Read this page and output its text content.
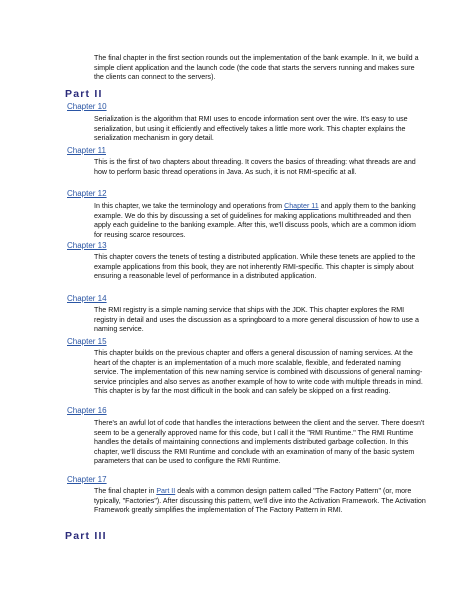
The final chapter in the first section rounds out the implementation of the bank example. In it, we build a simple client application and the launch code (the code that starts the servers running and makes sure the clients can connect to the servers).

Part II
Chapter 10

Serialization is the algorithm that RMI uses to encode information sent over the wire. It's easy to use serialization, but using it efficiently and effectively takes a little more work. This chapter explains the serialization mechanism in gory detail.

Chapter 11

This is the first of two chapters about threading. It covers the basics of threading: what threads are and how to perform basic thread operations in Java. As such, it is not RMI-specific at all.

Chapter 12

In this chapter, we take the terminology and operations from Chapter 11 and apply them to the banking example. We do this by discussing a set of guidelines for making applications multithreaded and then apply each guideline to the banking example. After this, we'll discuss pools, which are a common idiom for reusing scarce resources.

Chapter 13

This chapter covers the tenets of testing a distributed application. While these tenets are applied to the example applications from this book, they are not inherently RMI-specific. This chapter is simply about ensuring a reasonable level of performance in a distributed application.

Chapter 14

The RMI registry is a simple naming service that ships with the JDK. This chapter explores the RMI registry in detail and uses the discussion as a springboard to a more general discussion of how to use a naming service.

Chapter 15

This chapter builds on the previous chapter and offers a general discussion of naming services. At the heart of the chapter is an implementation of a much more scalable, flexible, and federated naming service. The implementation of this new naming service is combined with discussions of general naming-service principles and also serves as another example of how to write code with multiple threads in mind. This chapter is by far the most difficult in the book and can safely be skipped on a first reading.

Chapter 16

There's an awful lot of code that handles the interactions between the client and the server. There doesn't seem to be a generally approved name for this code, but I call it the "RMI Runtime." The RMI Runtime handles the details of maintaining connections and implements distributed garbage collection. In this chapter, we'll discuss the RMI Runtime and conclude with an examination of many of the basic system parameters that can be used to configure the RMI Runtime.

Chapter 17

The final chapter in Part II deals with a common design pattern called "The Factory Pattern" (or, more typically, "Factories"). After discussing this pattern, we'll dive into the Activation Framework. The Activation Framework greatly simplifies the implementation of The Factory Pattern in RMI.

Part III
